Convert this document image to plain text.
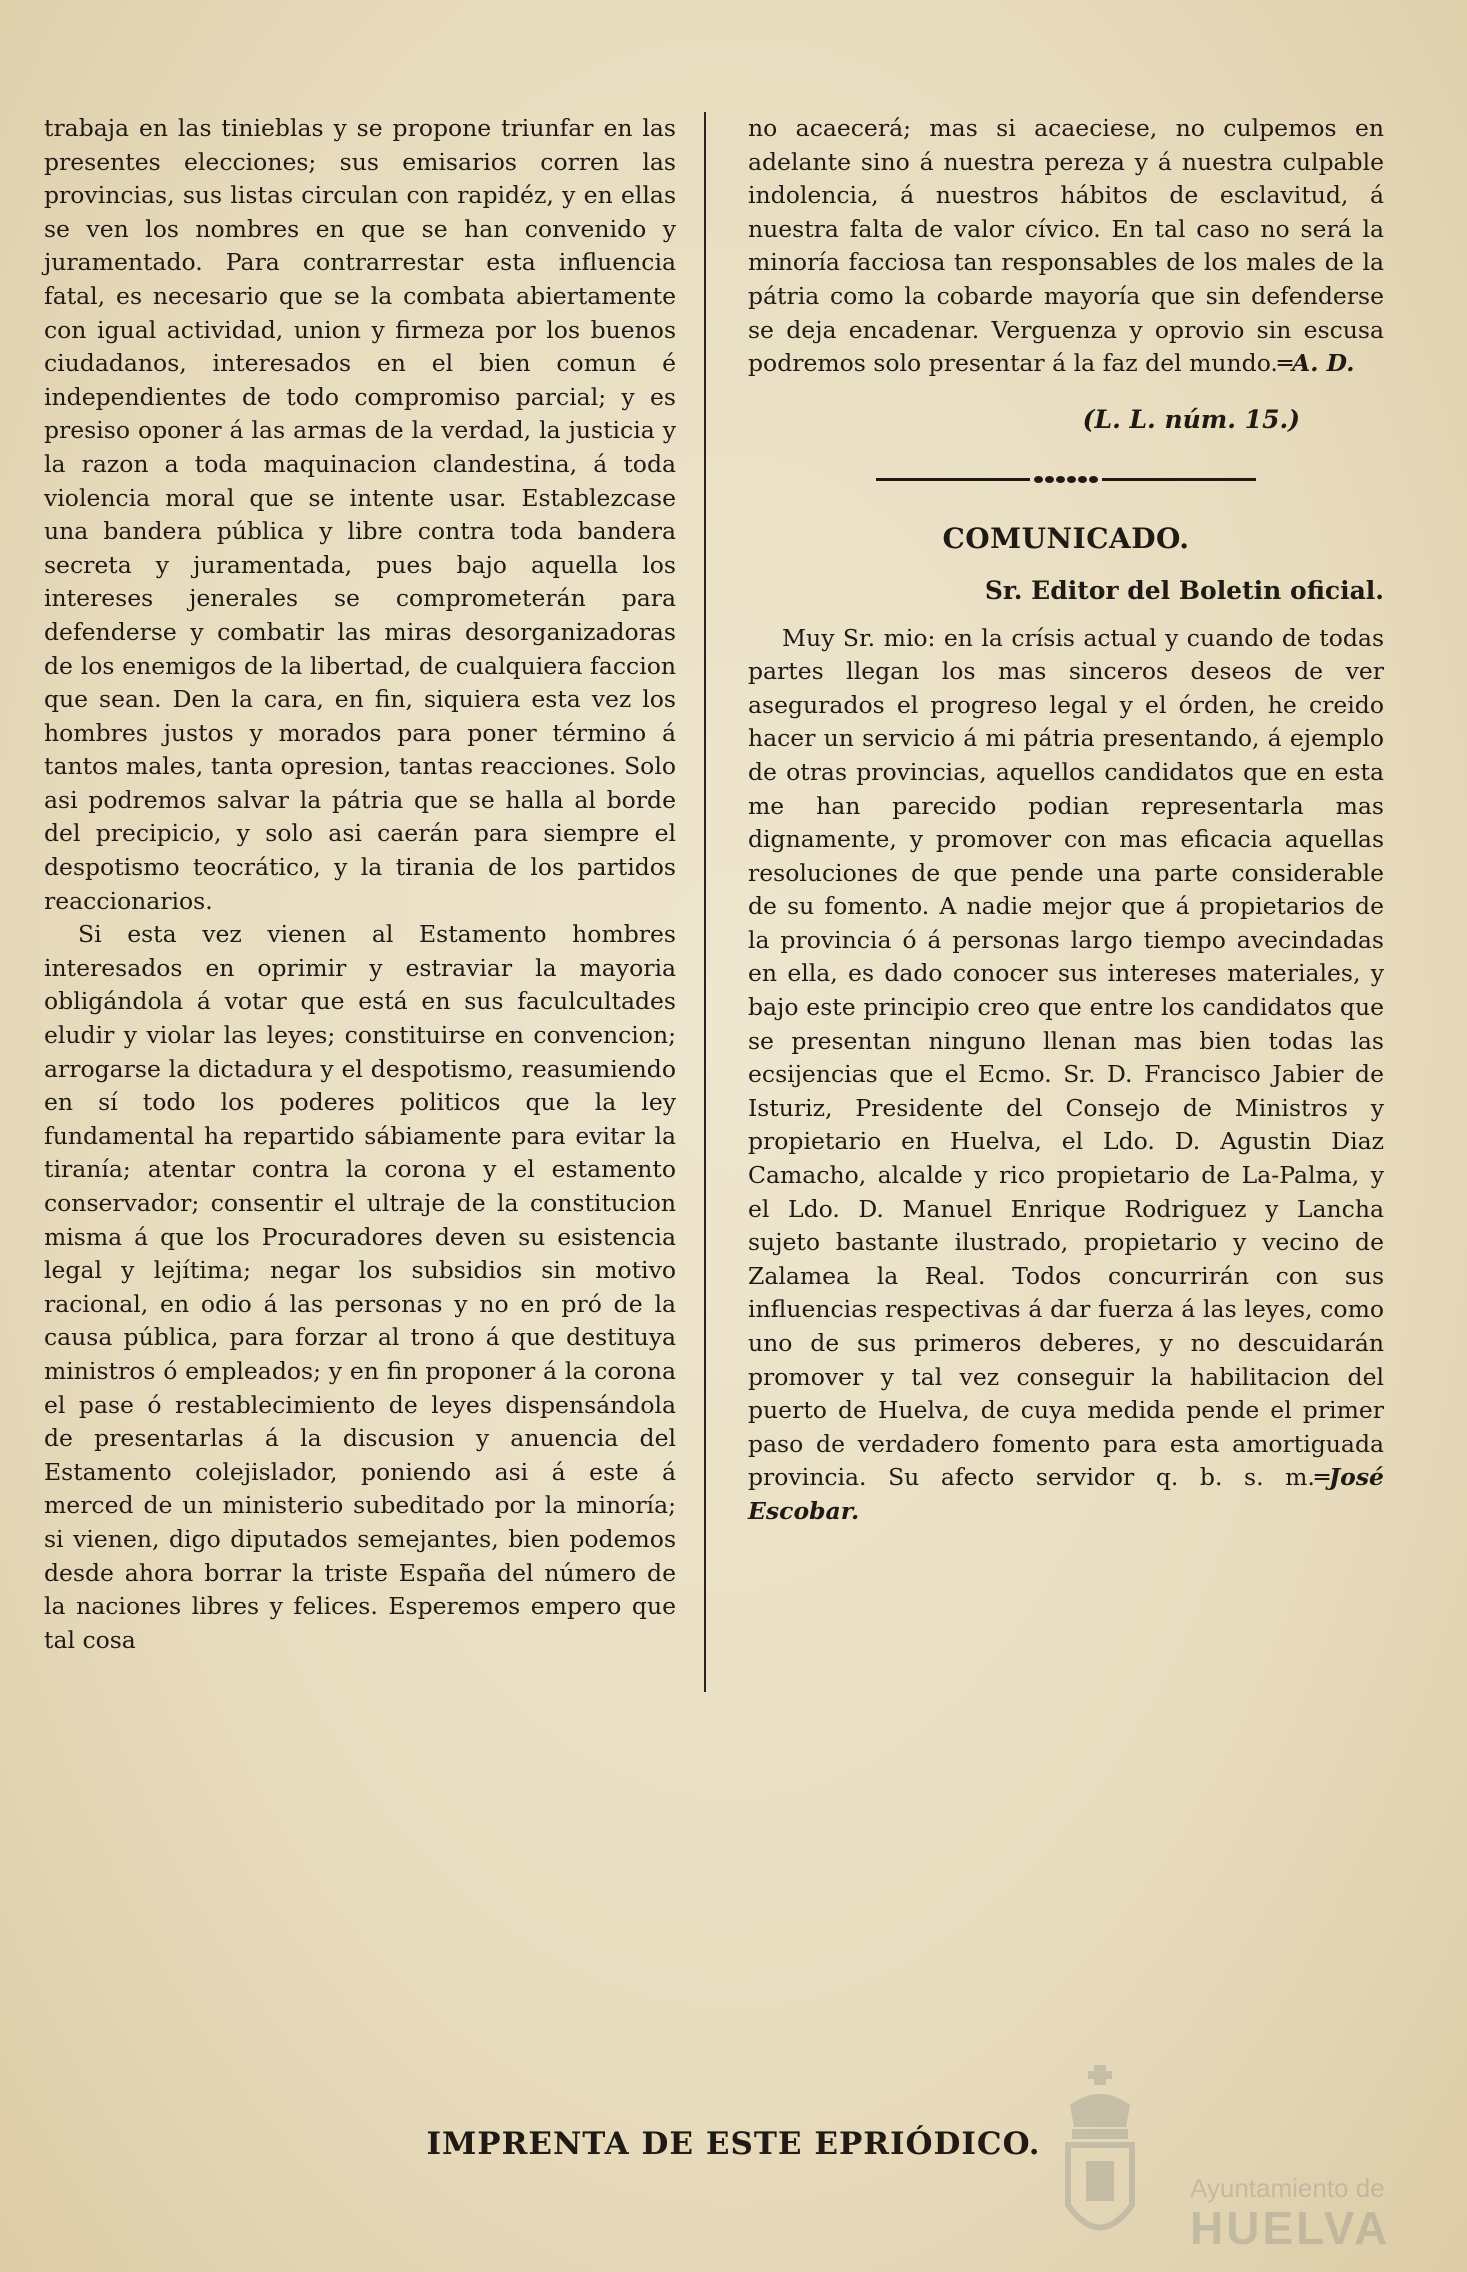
trabaja en las tinieblas y se propone triunfar en las presentes elecciones; sus emisarios corren las provincias, sus listas circulan con rapidéz, y en ellas se ven los nombres en que se han convenido y juramentado. Para contrarrestar esta influencia fatal, es necesario que se la combata abiertamente con igual actividad, union y firmeza por los buenos ciudadanos, interesados en el bien comun é independientes de todo compromiso parcial; y es presiso oponer á las armas de la verdad, la justicia y la razon a toda maquinacion clandestina, á toda violencia moral que se intente usar. Establezcase una bandera pública y libre contra toda bandera secreta y juramentada, pues bajo aquella los intereses jenerales se comprometerán para defenderse y combatir las miras desorganizadoras de los enemigos de la libertad, de cualquiera faccion que sean. Den la cara, en fin, siquiera esta vez los hombres justos y morados para poner término á tantos males, tanta opresion, tantas reacciones. Solo asi podremos salvar la pátria que se halla al borde del precipicio, y solo asi caerán para siempre el despotismo teocrático, y la tirania de los partidos reaccionarios.

Si esta vez vienen al Estamento hombres interesados en oprimir y estraviar la mayoria obligándola á votar que está en sus faculcultades eludir y violar las leyes; constituirse en convencion; arrogarse la dictadura y el despotismo, reasumiendo en sí todo los poderes politicos que la ley fundamental ha repartido sábiamente para evitar la tiranía; atentar contra la corona y el estamento conservador; consentir el ultraje de la constitucion misma á que los Procuradores deven su esistencia legal y lejítima; negar los subsidios sin motivo racional, en odio á las personas y no en pró de la causa pública, para forzar al trono á que destituya ministros ó empleados; y en fin proponer á la corona el pase ó restablecimiento de leyes dispensándola de presentarlas á la discusion y anuencia del Estamento colejislador, poniendo asi á este á merced de un ministerio subeditado por la minoría; si vienen, digo diputados semejantes, bien podemos desde ahora borrar la triste España del número de la naciones libres y felices. Esperemos empero que tal cosa

no acaecerá; mas si acaeciese, no culpemos en adelante sino á nuestra pereza y á nuestra culpable indolencia, á nuestros hábitos de esclavitud, á nuestra falta de valor cívico. En tal caso no será la minoría facciosa tan responsables de los males de la pátria como la cobarde mayoría que sin defenderse se deja encadenar. Verguenza y oprovio sin escusa podremos solo presentar á la faz del mundo.═A. D.

(L. L. núm. 15.)
COMUNICADO.
Sr. Editor del Boletin oficial.

Muy Sr. mio: en la crísis actual y cuando de todas partes llegan los mas sinceros deseos de ver asegurados el progreso legal y el órden, he creido hacer un servicio á mi pátria presentando, á ejemplo de otras provincias, aquellos candidatos que en esta me han parecido podian representarla mas dignamente, y promover con mas eficacia aquellas resoluciones de que pende una parte considerable de su fomento. A nadie mejor que á propietarios de la provincia ó á personas largo tiempo avecindadas en ella, es dado conocer sus intereses materiales, y bajo este principio creo que entre los candidatos que se presentan ninguno llenan mas bien todas las ecsijencias que el Ecmo. Sr. D. Francisco Jabier de Isturiz, Presidente del Consejo de Ministros y propietario en Huelva, el Ldo. D. Agustin Diaz Camacho, alcalde y rico propietario de La-Palma, y el Ldo. D. Manuel Enrique Rodriguez y Lancha sujeto bastante ilustrado, propietario y vecino de Zalamea la Real. Todos concurrirán con sus influencias respectivas á dar fuerza á las leyes, como uno de sus primeros deberes, y no descuidarán promover y tal vez conseguir la habilitacion del puerto de Huelva, de cuya medida pende el primer paso de verdadero fomento para esta amortiguada provincia. Su afecto servidor q. b. s. m.═José Escobar.

IMPRENTA DE ESTE EPRIÓDICO.
Ayuntamiento de
HUELVA
